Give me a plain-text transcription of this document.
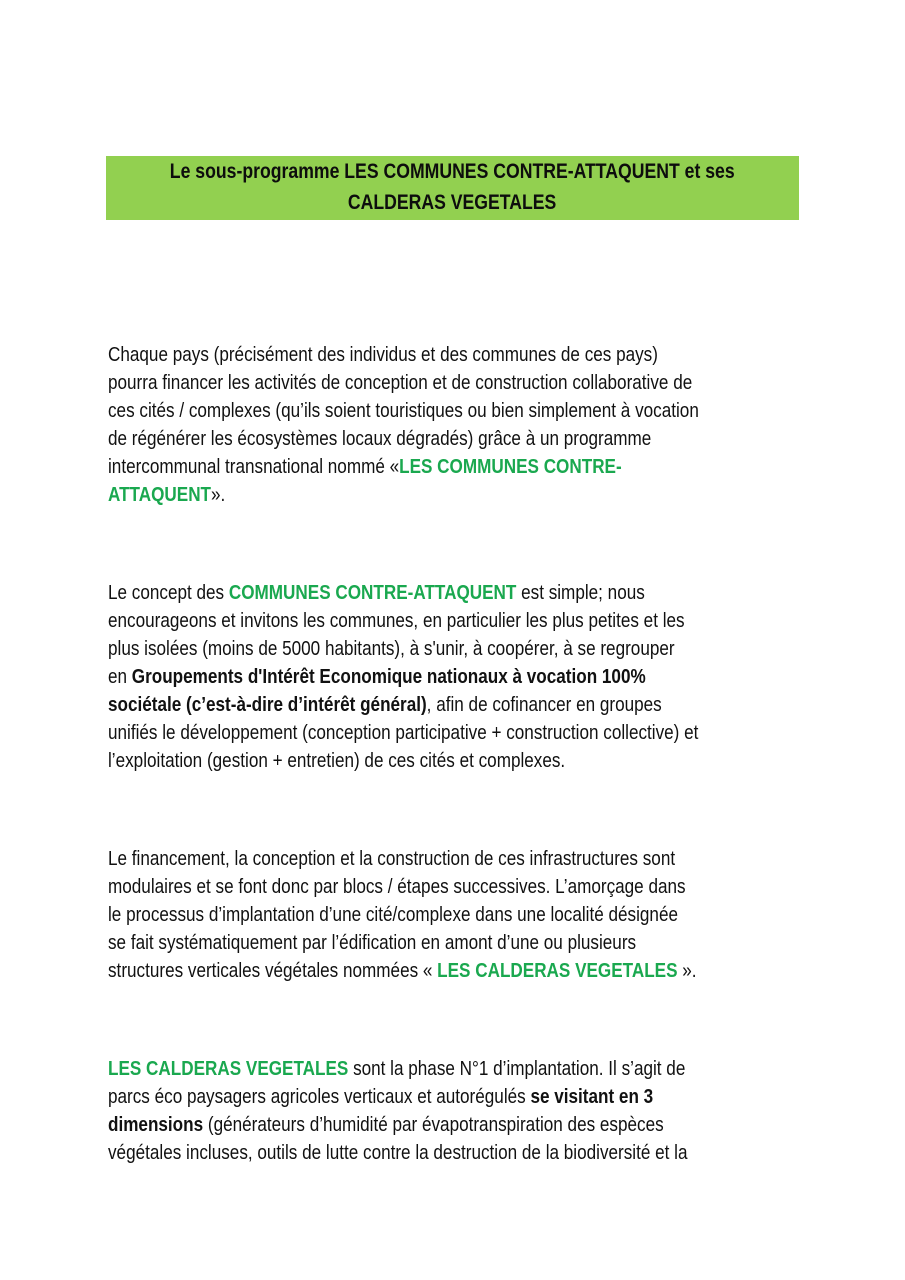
Le sous-programme LES COMMUNES CONTRE-ATTAQUENT et ses
CALDERAS VEGETALES
Chaque pays (précisément des individus et des communes de ces pays)
pourra financer les activités de conception et de construction collaborative de
ces cités / complexes (qu’ils soient touristiques ou bien simplement à vocation
de régénérer les écosystèmes locaux dégradés) grâce à un programme
intercommunal transnational nommé «LES COMMUNES CONTRE-
ATTAQUENT».
Le concept des COMMUNES CONTRE-ATTAQUENT est simple; nous
encourageons et invitons les communes, en particulier les plus petites et les
plus isolées (moins de 5000 habitants), à s'unir, à coopérer, à se regrouper
en Groupements d'Intérêt Economique nationaux à vocation 100%
sociétale (c’est-à-dire d’intérêt général), afin de cofinancer en groupes
unifiés le développement (conception participative + construction collective) et
l’exploitation (gestion + entretien) de ces cités et complexes.
Le financement, la conception et la construction de ces infrastructures sont
modulaires et se font donc par blocs / étapes successives. L’amorçage dans
le processus d’implantation d’une cité/complexe dans une localité désignée
se fait systématiquement par l’édification en amont d’une ou plusieurs
structures verticales végétales nommées « LES CALDERAS VEGETALES ».
LES CALDERAS VEGETALES sont la phase N°1 d’implantation. Il s’agit de
parcs éco paysagers agricoles verticaux et autorégulés se visitant en 3
dimensions (générateurs d’humidité par évapotranspiration des espèces
végétales incluses, outils de lutte contre la destruction de la biodiversité et la
